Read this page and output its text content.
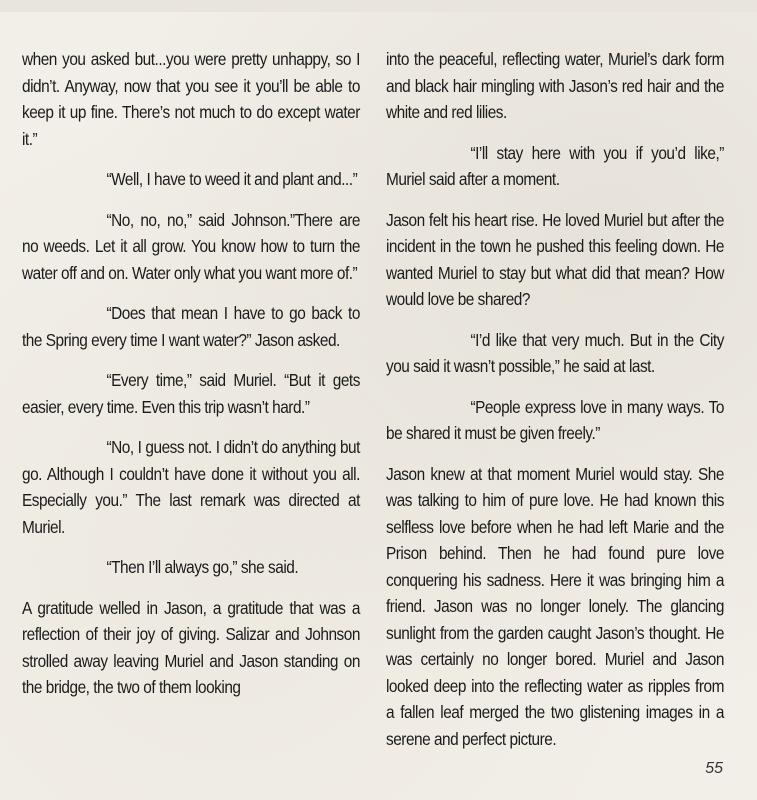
when you asked but...you were pretty unhappy, so I didn’t. Anyway, now that you see it you’ll be able to keep it up fine. There’s not much to do except water it.”

“Well, I have to weed it and plant and...”

“No, no, no,” said Johnson.”There are no weeds. Let it all grow. You know how to turn the water off and on. Water only what you want more of.”

“Does that mean I have to go back to the Spring every time I want water?” Jason asked.

“Every time,” said Muriel. “But it gets easier, every time. Even this trip wasn’t hard.”

“No, I guess not. I didn’t do anything but go. Although I couldn’t have done it without you all. Especially you.” The last remark was directed at Muriel.

“Then I’ll always go,” she said.

A gratitude welled in Jason, a gratitude that was a reflection of their joy of giving. Salizar and Johnson strolled away leaving Muriel and Jason standing on the bridge, the two of them looking

into the peaceful, reflecting water, Muriel’s dark form and black hair mingling with Jason’s red hair and the white and red lilies.

“I’ll stay here with you if you’d like,” Muriel said after a moment.

Jason felt his heart rise. He loved Muriel but after the incident in the town he pushed this feeling down. He wanted Muriel to stay but what did that mean? How would love be shared?

“I’d like that very much. But in the City you said it wasn’t possible,” he said at last.

“People express love in many ways. To be shared it must be given freely.”

Jason knew at that moment Muriel would stay. She was talking to him of pure love. He had known this selfless love before when he had left Marie and the Prison behind. Then he had found pure love conquering his sadness. Here it was bringing him a friend. Jason was no longer lonely. The glancing sunlight from the garden caught Jason’s thought. He was certainly no longer bored. Muriel and Jason looked deep into the reflecting water as ripples from a fallen leaf merged the two glistening images in a serene and perfect picture.

55
